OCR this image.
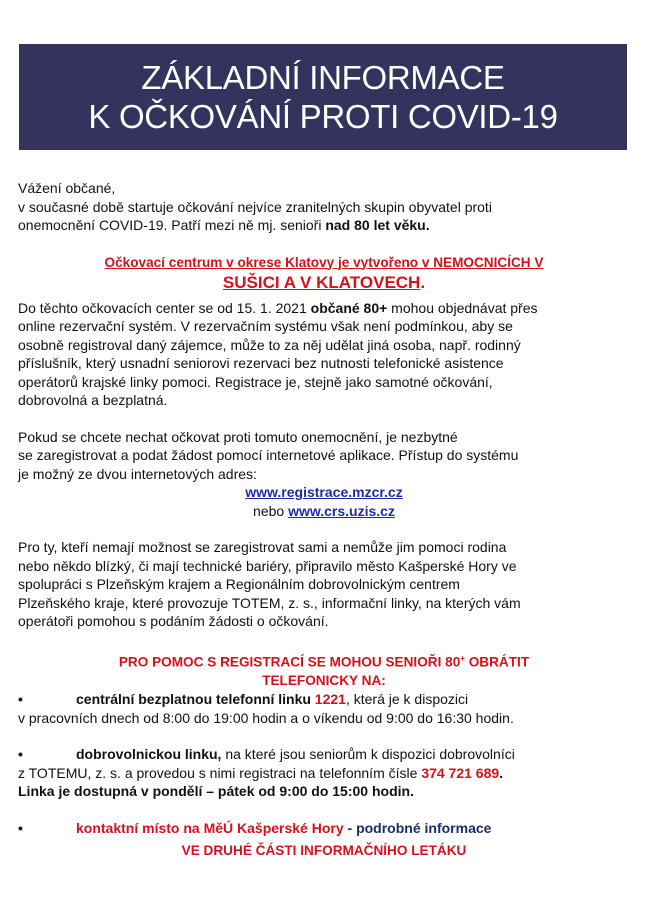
ZÁKLADNÍ INFORMACE
K OČKOVÁNÍ PROTI COVID-19
Vážení občané,
v současné době startuje očkování nejvíce zranitelných skupin obyvatel proti
onemocnění COVID-19. Patří mezi ně mj. senioři nad 80 let věku.
Očkovací centrum v okrese Klatovy je vytvořeno v NEMOCNICÍCH V
SUŠICI A V KLATOVECH.
Do těchto očkovacích center se od 15. 1. 2021 občané 80+ mohou objednávat přes
online rezervační systém. V rezervačním systému však není podmínkou, aby se
osobně registroval daný zájemce, může to za něj udělat jiná osoba, např. rodinný
příslušník, který usnadní seniorovi rezervaci bez nutnosti telefonické asistence
operátorů krajské linky pomoci. Registrace je, stejně jako samotné očkování,
dobrovolná a bezplatná.
Pokud se chcete nechat očkovat proti tomuto onemocnění, je nezbytné
se zaregistrovat a podat žádost pomocí internetové aplikace. Přístup do systému
je možný ze dvou internetových adres:
www.registrace.mzcr.cz
nebo www.crs.uzis.cz
Pro ty, kteří nemají možnost se zaregistrovat sami a nemůže jim pomoci rodina
nebo někdo blízký, či mají technické bariéry, připravilo město Kašperské Hory ve
spolupráci s Plzeňským krajem a Regionálním dobrovolnickým centrem
Plzeňského kraje, které provozuje TOTEM, z. s., informační linky, na kterých vám
operátoři pomohou s podáním žádosti o očkování.
PRO POMOC S REGISTRACÍ SE MOHOU SENIOŘI 80+ OBRÁTIT
TELEFONICKY NA:
•	centrální bezplatnou telefonní linku 1221, která je k dispozici
v pracovních dnech od 8:00 do 19:00 hodin a o víkendu od 9:00 do 16:30 hodin.
•	dobrovolnickou linku, na které jsou seniorům k dispozici dobrovolníci
z TOTEMU, z. s. a provedou s nimi registraci na telefonním čísle 374 721 689.
Linka je dostupná v pondělí – pátek od 9:00 do 15:00 hodin.
•	kontaktní místo na MěÚ Kašperské Hory - podrobné informace
VE DRUHÉ ČÁSTI INFORMAČNÍHO LETÁKU
